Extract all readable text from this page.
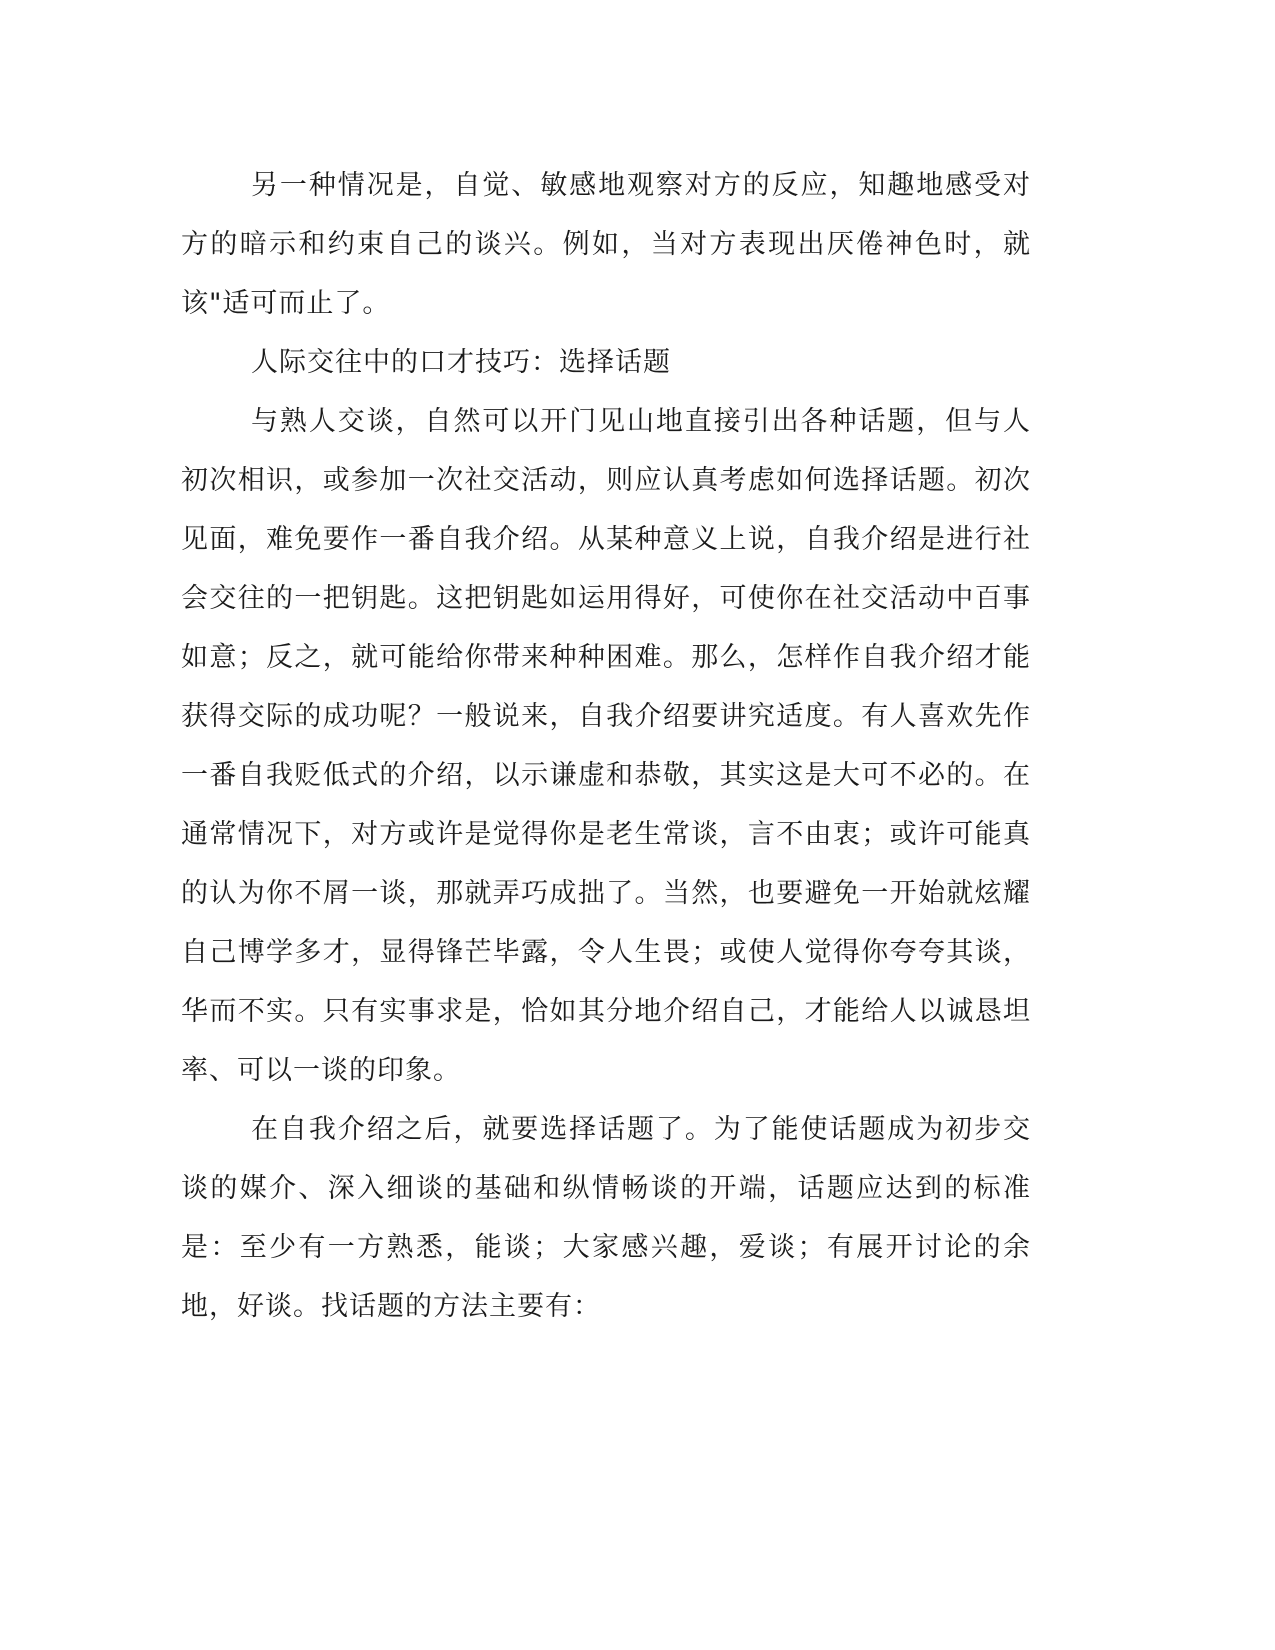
另一种情况是，自觉、敏感地观察对方的反应，知趣地感受对方的暗示和约束自己的谈兴。例如，当对方表现出厌倦神色时，就该"适可而止了。

人际交往中的口才技巧：选择话题

与熟人交谈，自然可以开门见山地直接引出各种话题，但与人初次相识，或参加一次社交活动，则应认真考虑如何选择话题。初次见面，难免要作一番自我介绍。从某种意义上说，自我介绍是进行社会交往的一把钥匙。这把钥匙如运用得好，可使你在社交活动中百事如意；反之，就可能给你带来种种困难。那么，怎样作自我介绍才能获得交际的成功呢？一般说来，自我介绍要讲究适度。有人喜欢先作一番自我贬低式的介绍，以示谦虚和恭敬，其实这是大可不必的。在通常情况下，对方或许是觉得你是老生常谈，言不由衷；或许可能真的认为你不屑一谈，那就弄巧成拙了。当然，也要避免一开始就炫耀自己博学多才，显得锋芒毕露，令人生畏；或使人觉得你夸夸其谈，华而不实。只有实事求是，恰如其分地介绍自己，才能给人以诚恳坦率、可以一谈的印象。

在自我介绍之后，就要选择话题了。为了能使话题成为初步交谈的媒介、深入细谈的基础和纵情畅谈的开端，话题应达到的标准是：至少有一方熟悉，能谈；大家感兴趣，爱谈；有展开讨论的余地，好谈。找话题的方法主要有：
